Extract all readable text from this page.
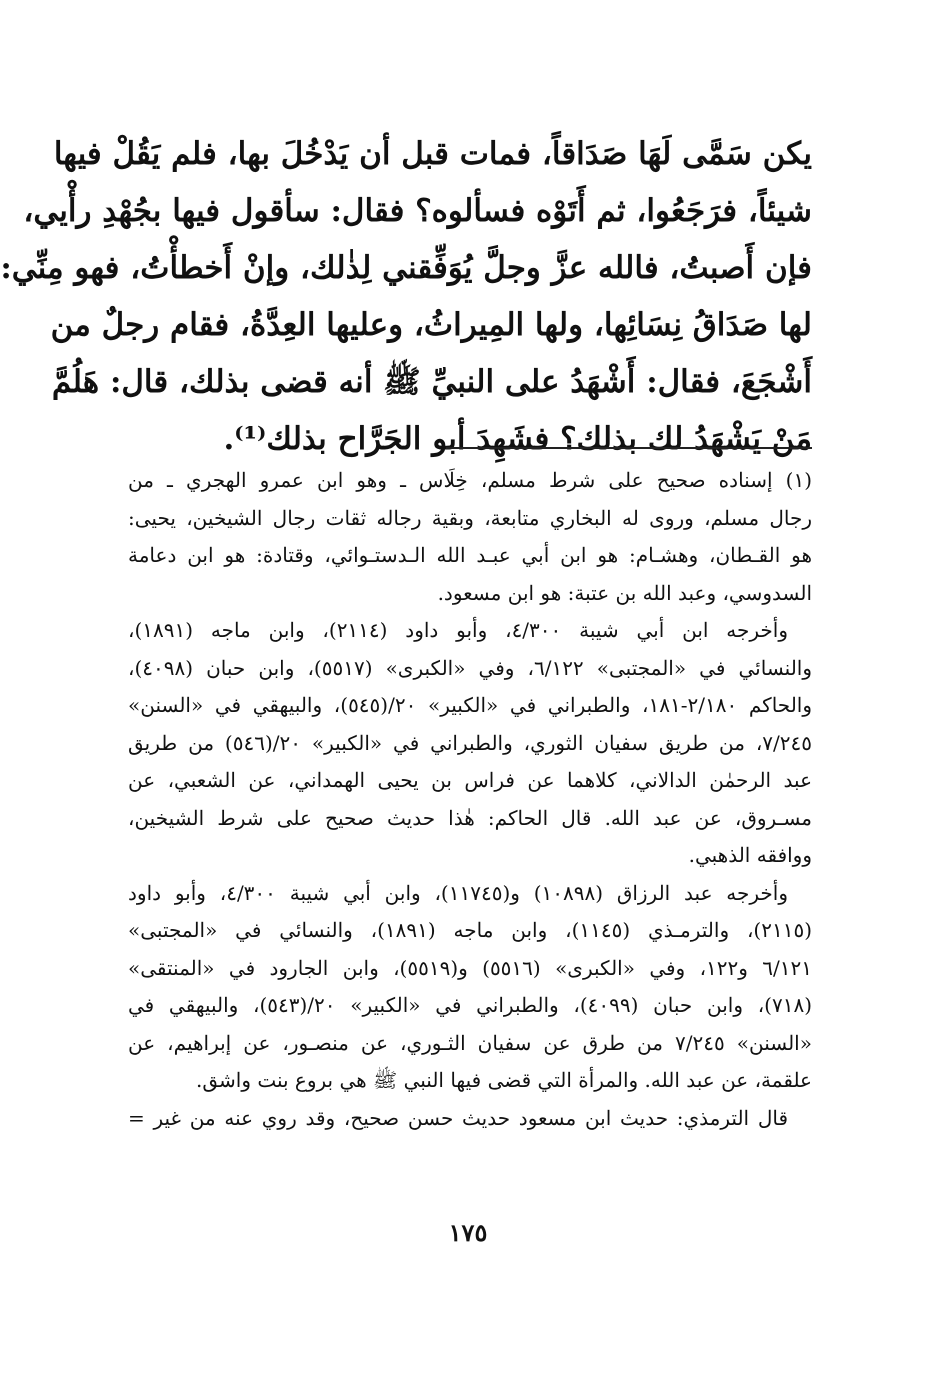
يكن سَمَّى لَهَا صَدَاقاً، فمات قبل أن يَدْخُلَ بها، فلم يَقُلْ فيها
شيئاً، فرَجَعُوا، ثم أَتَوْه فسألوه؟ فقال: سأقول فيها بجُهْدِ رأْيي،
فإن أَصبتُ، فالله عزَّ وجلَّ يُوَفِّقني لِذٰلك، وإنْ أَخطأْتُ، فهو مِنِّي:
لها صَدَاقُ نِسَائِها، ولها المِيراثُ، وعليها العِدَّةُ، فقام رجلٌ من
أَشْجَعَ، فقال: أَشْهَدُ على النبيِّ ﷺ أنه قضى بذلك، قال: هَلُمَّ
مَنْ يَشْهَدُ لك بذلك؟ فشَهِدَ أبو الجَرَّاح بذلك⁽¹⁾.
(١) إسناده صحيح على شرط مسلم، خِلَاس ـ وهو ابن عمرو الهجري ـ من
رجال مسلم، وروى له البخاري متابعة، وبقية رجاله ثقات رجال الشيخين، يحيى:
هو القـطان، وهشـام: هو ابن أبي عبـد الله الـدستـوائي، وقتادة: هو ابن دعامة
السدوسي، وعبد الله بن عتبة: هو ابن مسعود.
وأخرجه ابن أبي شيبة ٤/٣٠٠، وأبو داود (٢١١٤)، وابن ماجه (١٨٩١)،
والنسائي في «المجتبى» ٦/١٢٢، وفي «الكبرى» (٥٥١٧)، وابن حبان (٤٠٩٨)،
والحاكم ٢/١٨٠-١٨١، والطبراني في «الكبير» ٢٠/(٥٤٥)، والبيهقي في «السنن»
٧/٢٤٥، من طريق سفيان الثوري، والطبراني في «الكبير» ٢٠/(٥٤٦) من طريق
عبد الرحمٰن الدالاني، كلاهما عن فراس بن يحيى الهمداني، عن الشعبي، عن
مسـروق، عن عبد الله. قال الحاكم: هٰذا حديث صحيح على شرط الشيخين،
ووافقه الذهبي.
وأخرجه عبد الرزاق (١٠٨٩٨) و(١١٧٤٥)، وابن أبي شيبة ٤/٣٠٠، وأبو داود
(٢١١٥)، والترمـذي (١١٤٥)، وابن ماجه (١٨٩١)، والنسائي في «المجتبى»
٦/١٢١ و١٢٢، وفي «الكبرى» (٥٥١٦) و(٥٥١٩)، وابن الجارود في «المنتقى»
(٧١٨)، وابن حبان (٤٠٩٩)، والطبراني في «الكبير» ٢٠/(٥٤٣)، والبيهقي في
«السنن» ٧/٢٤٥ من طرق عن سفيان الثـوري، عن منصـور، عن إبراهيم، عن
علقمة، عن عبد الله. والمرأة التي قضى فيها النبي ﷺ هي بروع بنت واشق.
قال الترمذي: حديث ابن مسعود حديث حسن صحيح، وقد روي عنه من غير =
١٧٥
